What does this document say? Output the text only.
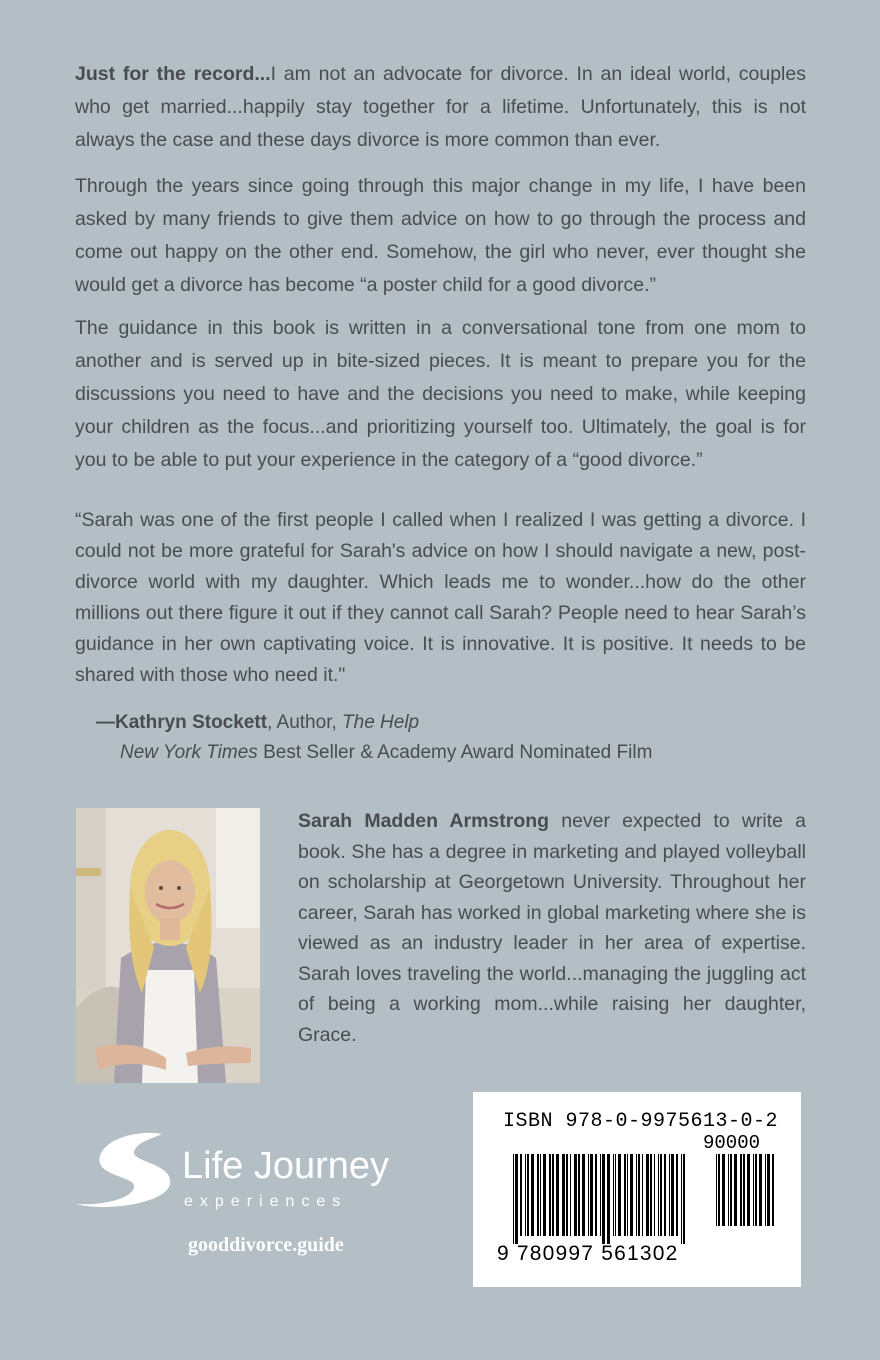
Just for the record...I am not an advocate for divorce. In an ideal world, couples who get married...happily stay together for a lifetime. Unfortunately, this is not always the case and these days divorce is more common than ever.

Through the years since going through this major change in my life, I have been asked by many friends to give them advice on how to go through the process and come out happy on the other end. Somehow, the girl who never, ever thought she would get a divorce has become “a poster child for a good divorce.”

The guidance in this book is written in a conversational tone from one mom to another and is served up in bite-sized pieces. It is meant to prepare you for the discussions you need to have and the decisions you need to make, while keeping your children as the focus...and prioritizing yourself too. Ultimately, the goal is for you to be able to put your experience in the category of a “good divorce.”

“Sarah was one of the first people I called when I realized I was getting a divorce. I could not be more grateful for Sarah's advice on how I should navigate a new, post-divorce world with my daughter. Which leads me to wonder...how do the other millions out there figure it out if they cannot call Sarah? People need to hear Sarah’s guidance in her own captivating voice. It is innovative. It is positive. It needs to be shared with those who need it."

—Kathryn Stockett, Author, The Help
New York Times Best Seller & Academy Award Nominated Film

Sarah Madden Armstrong never expected to write a book. She has a degree in marketing and played volleyball on scholarship at Georgetown University. Throughout her career, Sarah has worked in global marketing where she is viewed as an industry leader in her area of expertise. Sarah loves traveling the world...managing the juggling act of being a working mom...while raising her daughter, Grace.

Life Journey
experiences
gooddivorce.guide
ISBN 978-0-9975613-0-2
90000
9 780997 561302
